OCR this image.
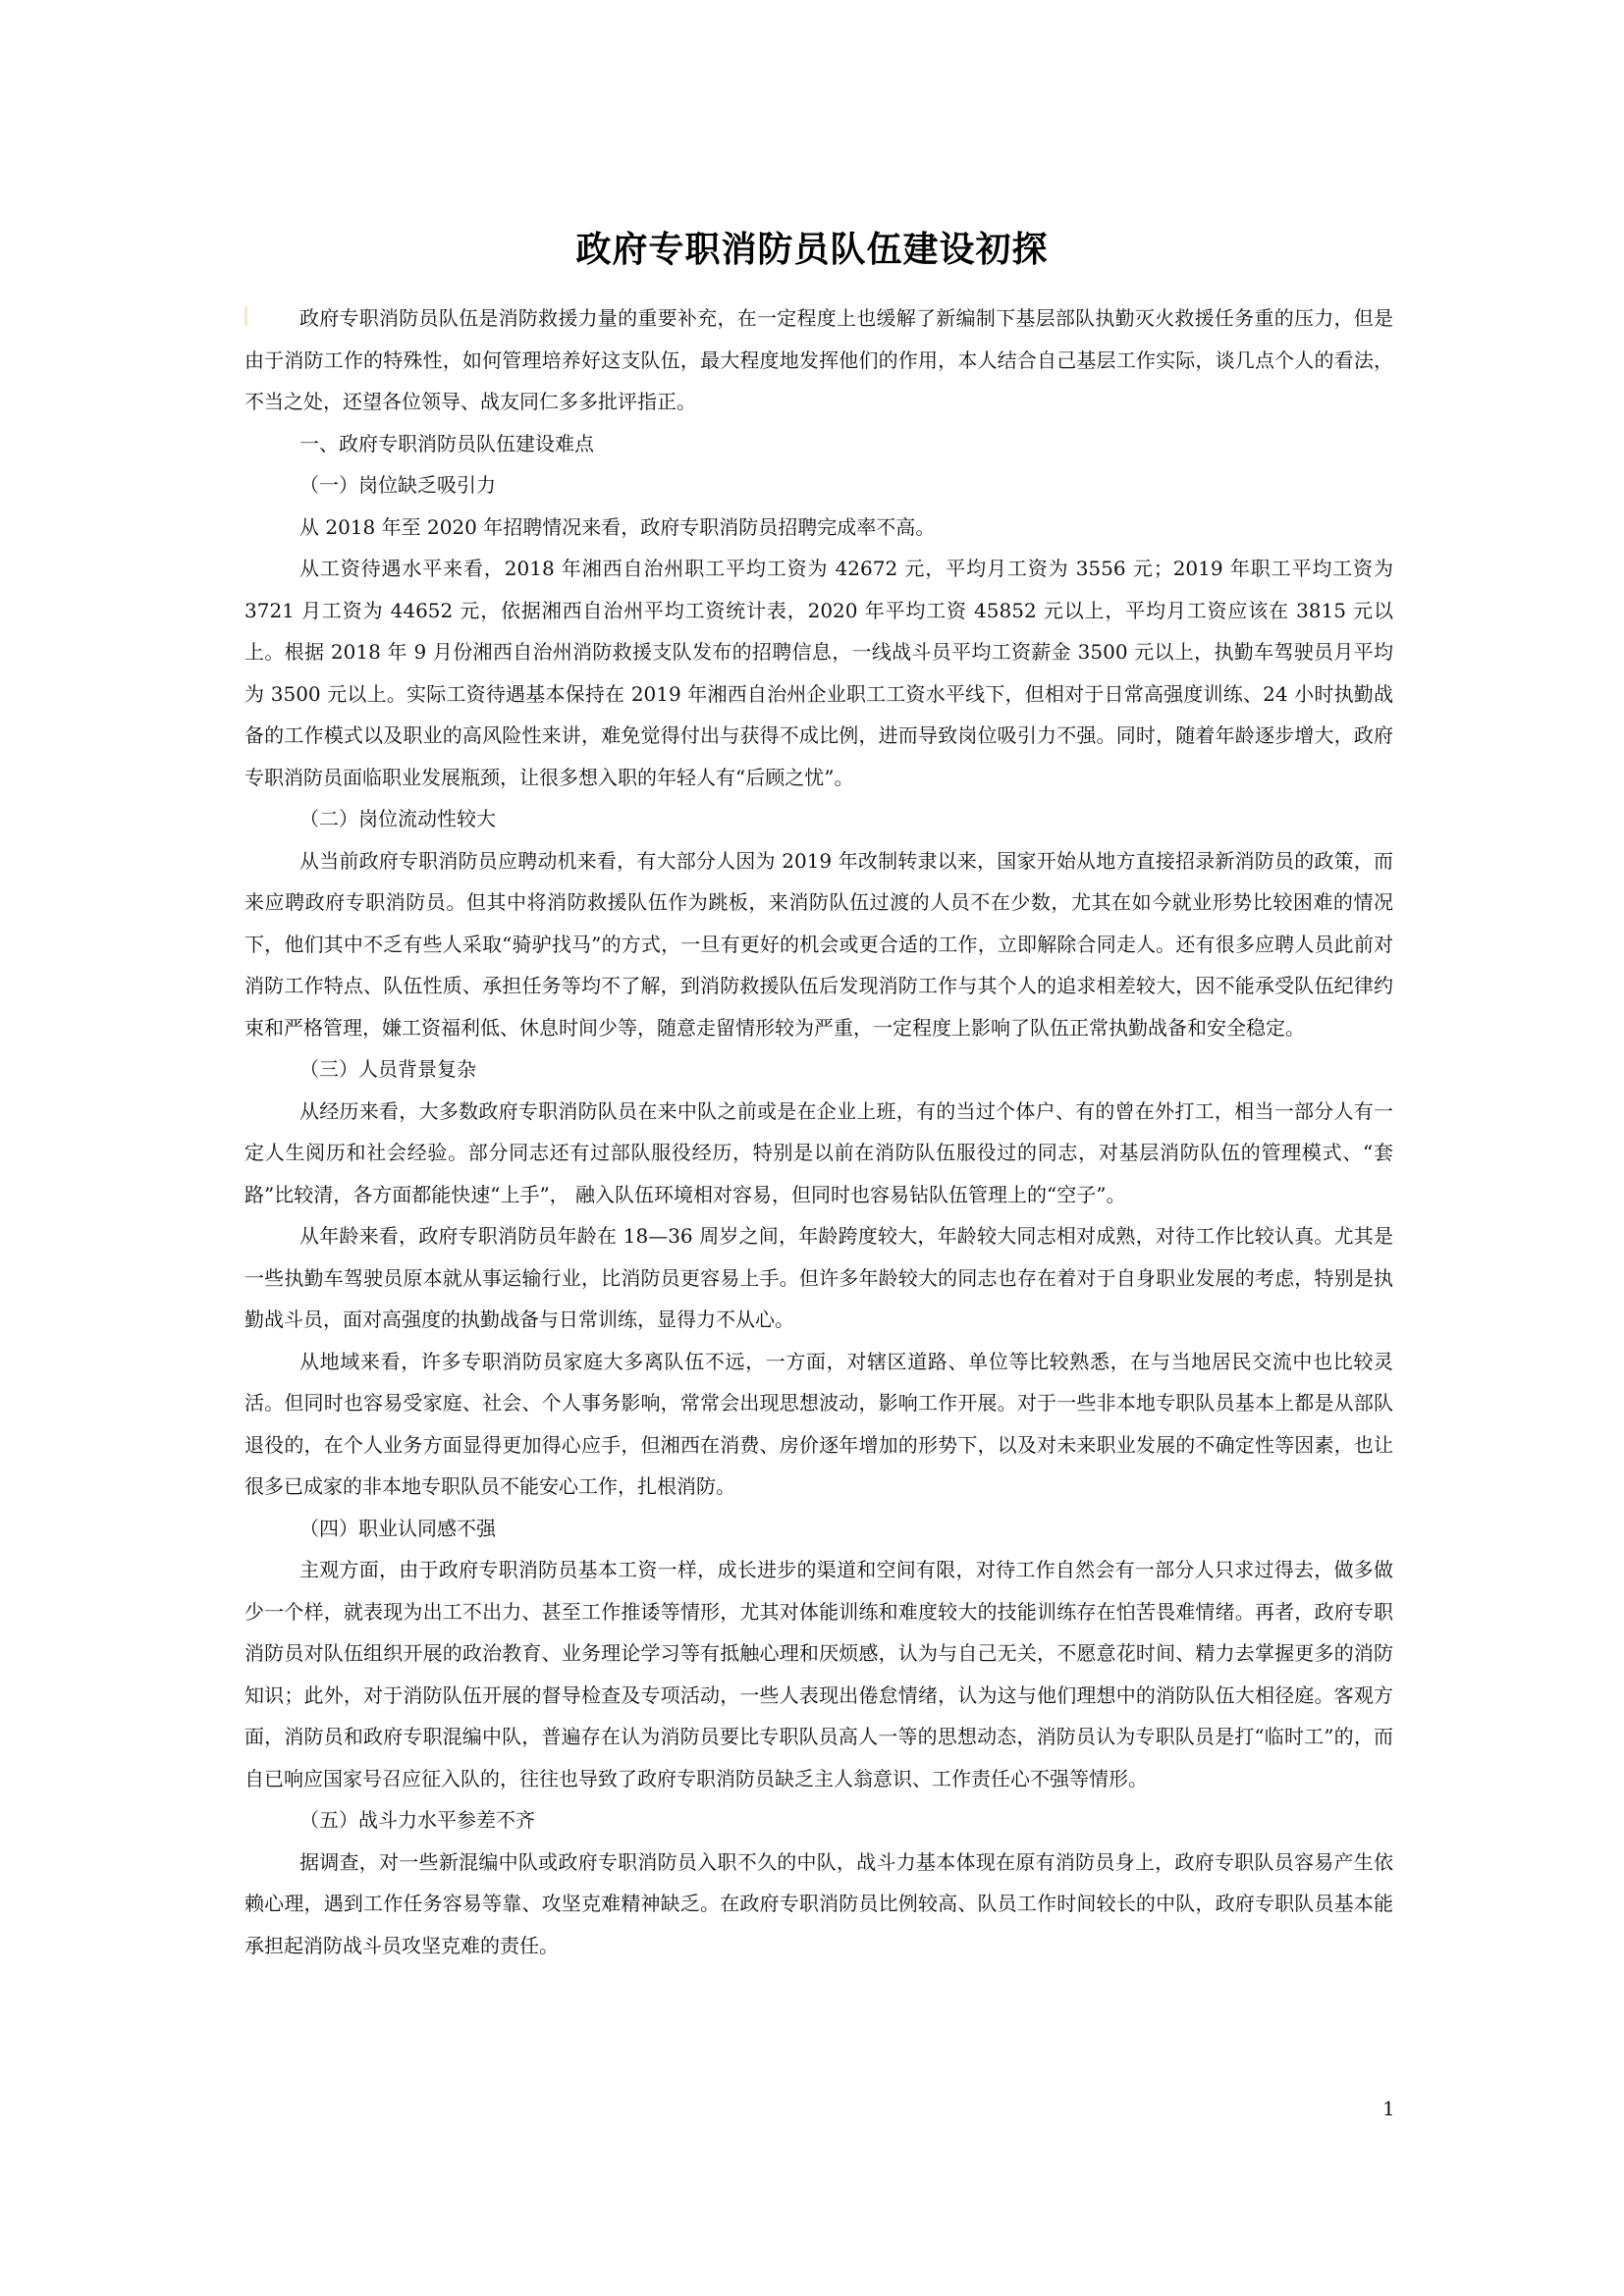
政府专职消防员队伍建设初探

政府专职消防员队伍是消防救援力量的重要补充，在一定程度上也缓解了新编制下基层部队执勤灭火救援任务重的压力，但是由于消防工作的特殊性，如何管理培养好这支队伍，最大程度地发挥他们的作用，本人结合自己基层工作实际，谈几点个人的看法，不当之处，还望各位领导、战友同仁多多批评指正。

一、政府专职消防员队伍建设难点

（一）岗位缺乏吸引力

从 2018 年至 2020 年招聘情况来看，政府专职消防员招聘完成率不高。

从工资待遇水平来看，2018 年湘西自治州职工平均工资为 42672 元，平均月工资为 3556 元；2019 年职工平均工资为 3721 月工资为 44652 元，依据湘西自治州平均工资统计表，2020 年平均工资 45852 元以上，平均月工资应该在 3815 元以上。根据 2018 年 9 月份湘西自治州消防救援支队发布的招聘信息，一线战斗员平均工资薪金 3500 元以上，执勤车驾驶员月平均为 3500 元以上。实际工资待遇基本保持在 2019 年湘西自治州企业职工工资水平线下，但相对于日常高强度训练、24 小时执勤战备的工作模式以及职业的高风险性来讲，难免觉得付出与获得不成比例，进而导致岗位吸引力不强。同时，随着年龄逐步增大，政府专职消防员面临职业发展瓶颈，让很多想入职的年轻人有“后顾之忧”。

（二）岗位流动性较大

从当前政府专职消防员应聘动机来看，有大部分人因为 2019 年改制转隶以来，国家开始从地方直接招录新消防员的政策，而来应聘政府专职消防员。但其中将消防救援队伍作为跳板，来消防队伍过渡的人员不在少数，尤其在如今就业形势比较困难的情况下，他们其中不乏有些人采取“骑驴找马”的方式，一旦有更好的机会或更合适的工作，立即解除合同走人。还有很多应聘人员此前对消防工作特点、队伍性质、承担任务等均不了解，到消防救援队伍后发现消防工作与其个人的追求相差较大，因不能承受队伍纪律约束和严格管理，嫌工资福利低、休息时间少等，随意走留情形较为严重，一定程度上影响了队伍正常执勤战备和安全稳定。

（三）人员背景复杂

从经历来看，大多数政府专职消防队员在来中队之前或是在企业上班，有的当过个体户、有的曾在外打工，相当一部分人有一定人生阅历和社会经验。部分同志还有过部队服役经历，特别是以前在消防队伍服役过的同志，对基层消防队伍的管理模式、“套路”比较清，各方面都能快速“上手”， 融入队伍环境相对容易，但同时也容易钻队伍管理上的“空子”。

从年龄来看，政府专职消防员年龄在 18—36 周岁之间，年龄跨度较大，年龄较大同志相对成熟，对待工作比较认真。尤其是一些执勤车驾驶员原本就从事运输行业，比消防员更容易上手。但许多年龄较大的同志也存在着对于自身职业发展的考虑，特别是执勤战斗员，面对高强度的执勤战备与日常训练，显得力不从心。

从地域来看，许多专职消防员家庭大多离队伍不远，一方面，对辖区道路、单位等比较熟悉，在与当地居民交流中也比较灵活。但同时也容易受家庭、社会、个人事务影响，常常会出现思想波动，影响工作开展。对于一些非本地专职队员基本上都是从部队退役的，在个人业务方面显得更加得心应手，但湘西在消费、房价逐年增加的形势下，以及对未来职业发展的不确定性等因素，也让很多已成家的非本地专职队员不能安心工作，扎根消防。

（四）职业认同感不强

主观方面，由于政府专职消防员基本工资一样，成长进步的渠道和空间有限，对待工作自然会有一部分人只求过得去，做多做少一个样，就表现为出工不出力、甚至工作推诿等情形，尤其对体能训练和难度较大的技能训练存在怕苦畏难情绪。再者，政府专职消防员对队伍组织开展的政治教育、业务理论学习等有抵触心理和厌烦感，认为与自己无关，不愿意花时间、精力去掌握更多的消防知识；此外，对于消防队伍开展的督导检查及专项活动，一些人表现出倦怠情绪，认为这与他们理想中的消防队伍大相径庭。客观方面，消防员和政府专职混编中队，普遍存在认为消防员要比专职队员高人一等的思想动态，消防员认为专职队员是打“临时工”的，而自已响应国家号召应征入队的，往往也导致了政府专职消防员缺乏主人翁意识、工作责任心不强等情形。

（五）战斗力水平参差不齐

据调查，对一些新混编中队或政府专职消防员入职不久的中队，战斗力基本体现在原有消防员身上，政府专职队员容易产生依赖心理，遇到工作任务容易等靠、攻坚克难精神缺乏。在政府专职消防员比例较高、队员工作时间较长的中队，政府专职队员基本能承担起消防战斗员攻坚克难的责任。

1
